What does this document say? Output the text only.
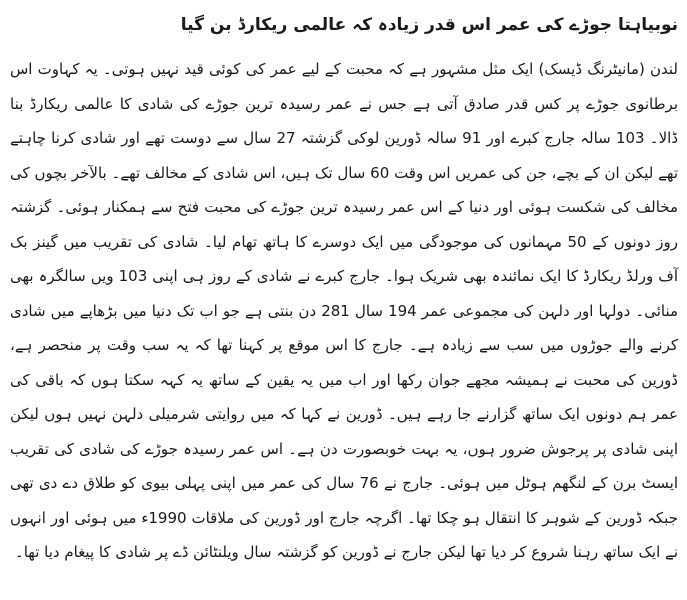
نوبیاہتا جوڑے کی عمر اس قدر زیادہ کہ عالمی ریکارڈ بن گیا

لندن (مانیٹرنگ ڈیسک) ایک مثل مشہور ہے کہ محبت کے لیے عمر کی کوئی قید نہیں ہوتی۔ یہ کہاوت اس برطانوی جوڑے پر کس قدر صادق آتی ہے جس نے عمر رسیدہ ترین جوڑے کی شادی کا عالمی ریکارڈ بنا ڈالا۔ 103 سالہ جارج کبرے اور 91 سالہ ڈورین لوکی گزشتہ 27 سال سے دوست تھے اور شادی کرنا چاہتے تھے لیکن ان کے بچے، جن کی عمریں اس وقت 60 سال تک ہیں، اس شادی کے مخالف تھے۔ بالآخر بچوں کی مخالف کی شکست ہوئی اور دنیا کے اس عمر رسیدہ ترین جوڑے کی محبت فتح سے ہمکنار ہوئی۔ گزشتہ روز دونوں کے 50 مہمانوں کی موجودگی میں ایک دوسرے کا ہاتھ تھام لیا۔ شادی کی تقریب میں گینز بک آف ورلڈ ریکارڈ کا ایک نمائندہ بھی شریک ہوا۔ جارج کبرے نے شادی کے روز ہی اپنی 103 ویں سالگرہ بھی منائی۔ دولہا اور دلہن کی مجموعی عمر 194 سال 281 دن بنتی ہے جو اب تک دنیا میں بڑھاپے میں شادی کرنے والے جوڑوں میں سب سے زیادہ ہے۔ جارج کا اس موقع پر کہنا تھا کہ یہ سب وقت پر منحصر ہے، ڈورین کی محبت نے ہمیشہ مجھے جوان رکھا اور اب میں یہ یقین کے ساتھ یہ کہہ سکتا ہوں کہ باقی کی عمر ہم دونوں ایک ساتھ گزارنے جا رہے ہیں۔ ڈورین نے کہا کہ میں روایتی شرمیلی دلہن نہیں ہوں لیکن اپنی شادی پر پرجوش ضرور ہوں، یہ بہت خوبصورت دن ہے۔ اس عمر رسیدہ جوڑے کی شادی کی تقریب ایسٹ برن کے لنگھم ہوٹل میں ہوئی۔ جارج نے 76 سال کی عمر میں اپنی پہلی بیوی کو طلاق دے دی تھی جبکہ ڈورین کے شوہر کا انتقال ہو چکا تھا۔ اگرچہ جارج اور ڈورین کی ملاقات 1990ء میں ہوئی اور انہوں نے ایک ساتھ رہنا شروع کر دیا تھا لیکن جارج نے ڈورین کو گزشتہ سال ویلنٹائن ڈے پر شادی کا پیغام دیا تھا۔
